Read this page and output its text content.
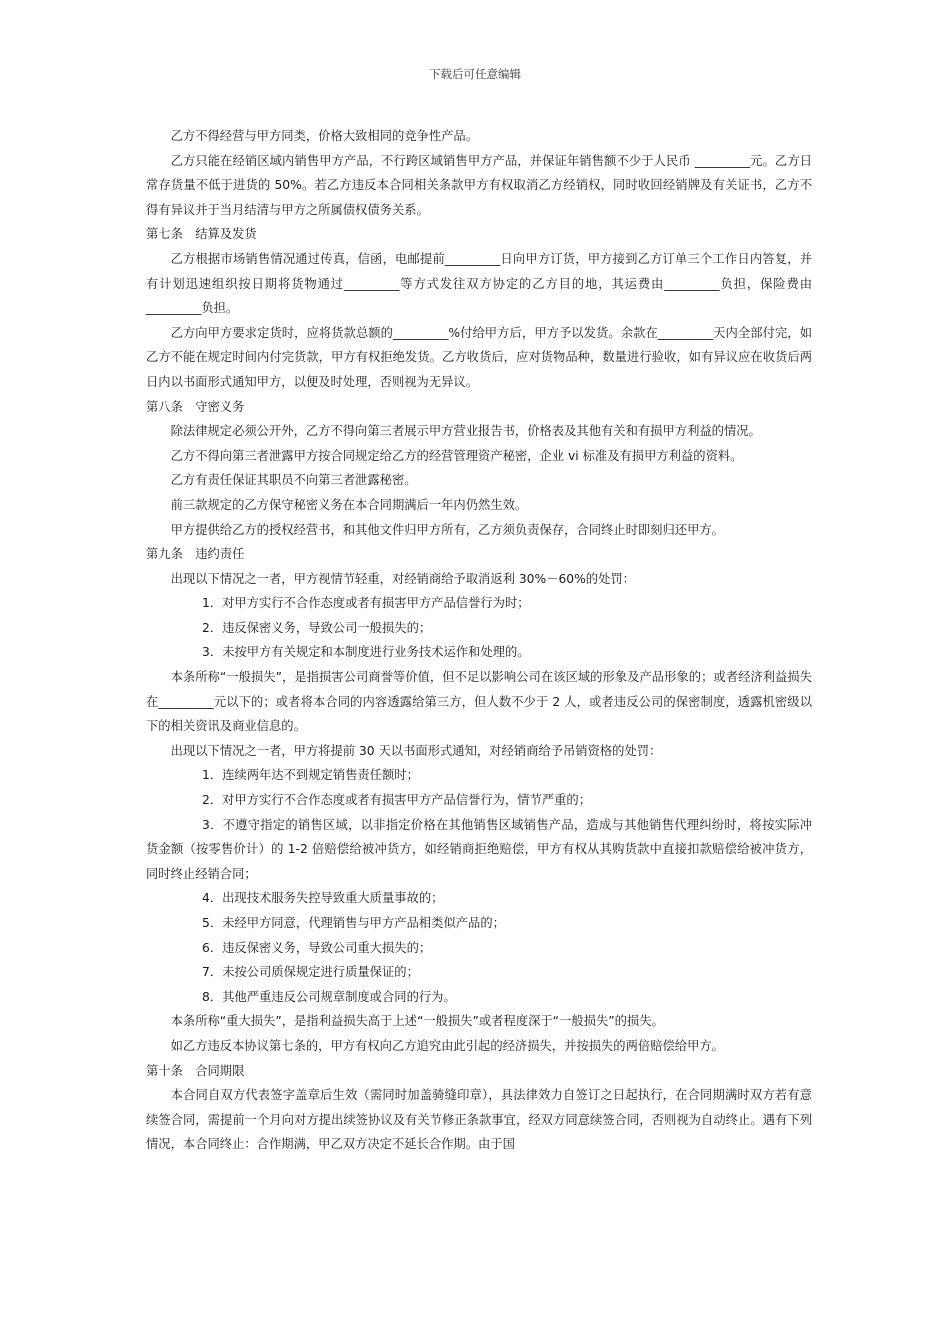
下载后可任意编辑

乙方不得经营与甲方同类，价格大致相同的竞争性产品。

乙方只能在经销区域内销售甲方产品，不行跨区域销售甲方产品，并保证年销售额不少于人民币 _________元。乙方日常存货量不低于进货的 50%。若乙方违反本合同相关条款甲方有权取消乙方经销权，同时收回经销牌及有关证书，乙方不得有异议并于当月结清与甲方之所属债权债务关系。

第七条　结算及发货

乙方根据市场销售情况通过传真，信函，电邮提前_________日向甲方订货，甲方接到乙方订单三个工作日内答复，并有计划迅速组织按日期将货物通过_________等方式发往双方协定的乙方目的地，其运费由_________负担，保险费由_________负担。

乙方向甲方要求定货时，应将货款总额的_________%付给甲方后，甲方予以发货。余款在_________天内全部付完，如乙方不能在规定时间内付完货款，甲方有权拒绝发货。乙方收货后，应对货物品种，数量进行验收，如有异议应在收货后两日内以书面形式通知甲方，以便及时处理，否则视为无异议。

第八条　守密义务

除法律规定必须公开外，乙方不得向第三者展示甲方营业报告书，价格表及其他有关和有损甲方利益的情况。

乙方不得向第三者泄露甲方按合同规定给乙方的经营管理资产秘密，企业 vi 标准及有损甲方利益的资料。

乙方有责任保证其职员不向第三者泄露秘密。

前三款规定的乙方保守秘密义务在本合同期满后一年内仍然生效。

甲方提供给乙方的授权经营书，和其他文件归甲方所有，乙方须负责保存，合同终止时即刻归还甲方。

第九条　违约责任

出现以下情况之一者，甲方视情节轻重，对经销商给予取消返利 30%－60%的处罚：

1．对甲方实行不合作态度或者有损害甲方产品信誉行为时；

2．违反保密义务，导致公司一般损失的；

3．未按甲方有关规定和本制度进行业务技术运作和处理的。

本条所称“一般损失”，是指损害公司商誉等价值，但不足以影响公司在该区域的形象及产品形象的；或者经济利益损失在_________元以下的；或者将本合同的内容透露给第三方，但人数不少于 2 人，或者违反公司的保密制度，透露机密级以下的相关资讯及商业信息的。

出现以下情况之一者，甲方将提前 30 天以书面形式通知，对经销商给予吊销资格的处罚：

1．连续两年达不到规定销售责任额时；

2．对甲方实行不合作态度或者有损害甲方产品信誉行为，情节严重的；

3．不遵守指定的销售区域，以非指定价格在其他销售区域销售产品，造成与其他销售代理纠纷时，将按实际冲货金额（按零售价计）的 1-2 倍赔偿给被冲货方，如经销商拒绝赔偿，甲方有权从其购货款中直接扣款赔偿给被冲货方，同时终止经销合同；

4．出现技术服务失控导致重大质量事故的；

5．未经甲方同意，代理销售与甲方产品相类似产品的；

6．违反保密义务，导致公司重大损失的；

7．未按公司质保规定进行质量保证的；

8．其他严重违反公司规章制度或合同的行为。

本条所称“重大损失”，是指利益损失高于上述“一般损失”或者程度深于“一般损失”的损失。

如乙方违反本协议第七条的，甲方有权向乙方追究由此引起的经济损失，并按损失的两倍赔偿给甲方。

第十条　合同期限

本合同自双方代表签字盖章后生效（需同时加盖骑缝印章），具法律效力自签订之日起执行，在合同期满时双方若有意续签合同，需提前一个月向对方提出续签协议及有关节修正条款事宜，经双方同意续签合同，否则视为自动终止。遇有下列情况，本合同终止：合作期满，甲乙双方决定不延长合作期。由于国
